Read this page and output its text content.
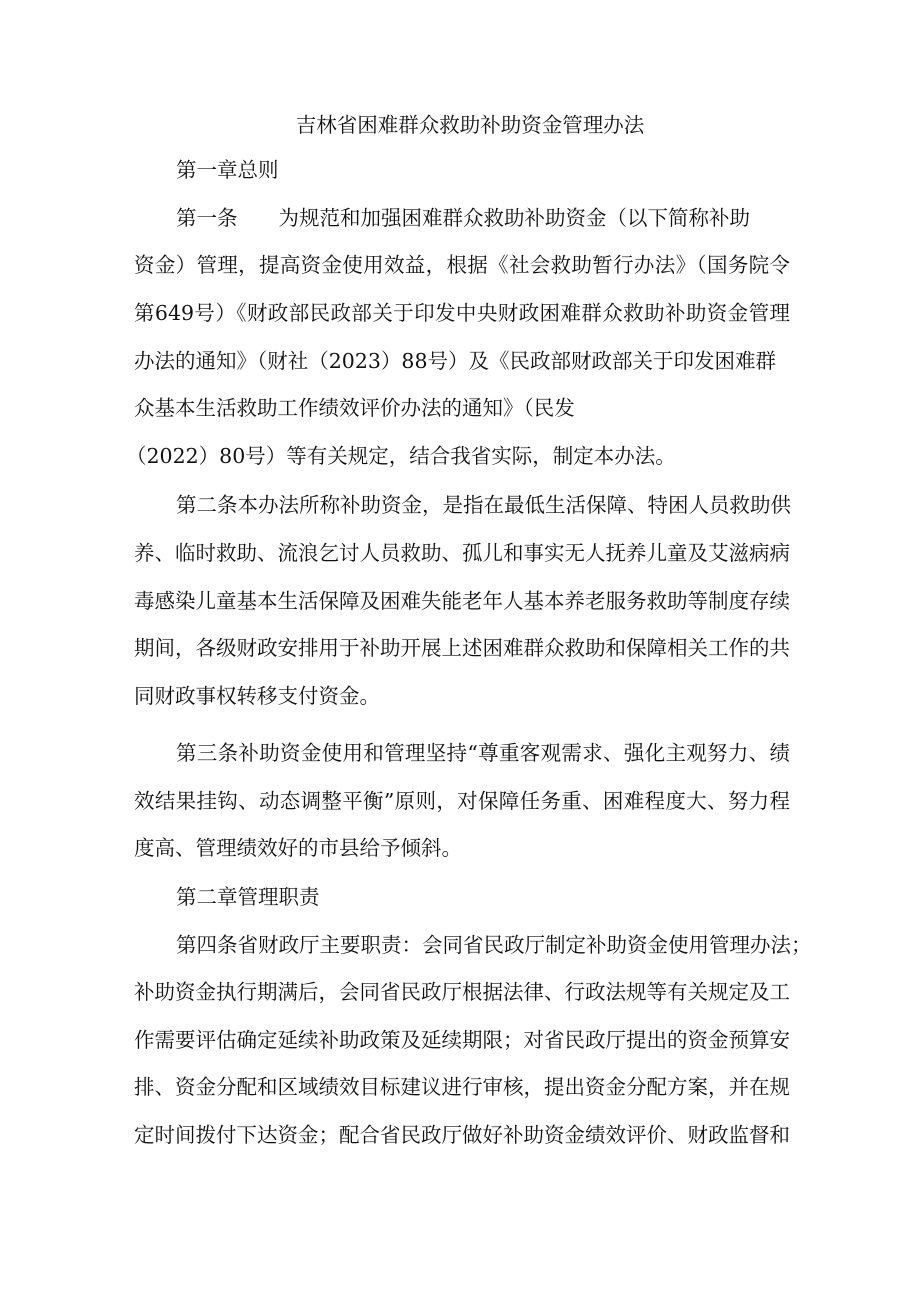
吉林省困难群众救助补助资金管理办法
第一章总则
第一条　　为规范和加强困难群众救助补助资金（以下简称补助
资金）管理，提高资金使用效益，根据《社会救助暂行办法》（国务院令
第649号）《财政部民政部关于印发中央财政困难群众救助补助资金管理
办法的通知》（财社（2023）88号）及《民政部财政部关于印发困难群
众基本生活救助工作绩效评价办法的通知》（民发
（2022）80号）等有关规定，结合我省实际，制定本办法。
第二条本办法所称补助资金，是指在最低生活保障、特困人员救助供
养、临时救助、流浪乞讨人员救助、孤儿和事实无人抚养儿童及艾滋病病
毒感染儿童基本生活保障及困难失能老年人基本养老服务救助等制度存续
期间，各级财政安排用于补助开展上述困难群众救助和保障相关工作的共
同财政事权转移支付资金。
第三条补助资金使用和管理坚持“尊重客观需求、强化主观努力、绩
效结果挂钩、动态调整平衡”原则，对保障任务重、困难程度大、努力程
度高、管理绩效好的市县给予倾斜。
第二章管理职责
第四条省财政厅主要职责：会同省民政厅制定补助资金使用管理办法；
补助资金执行期满后，会同省民政厅根据法律、行政法规等有关规定及工
作需要评估确定延续补助政策及延续期限；对省民政厅提出的资金预算安
排、资金分配和区域绩效目标建议进行审核，提出资金分配方案，并在规
定时间拨付下达资金；配合省民政厅做好补助资金绩效评价、财政监督和
